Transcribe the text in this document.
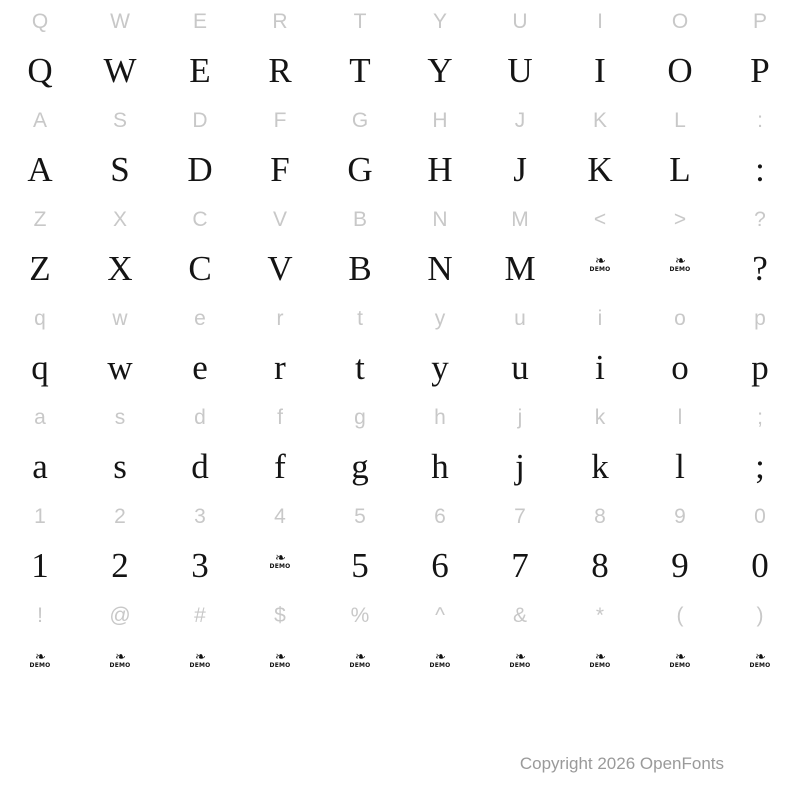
Q
Q
W
W
E
E
R
R
T
T
Y
Y
U
U
I
I
O
O
P
P
A
A
S
S
D
D
F
F
G
G
H
H
J
J
K
K
L
L
:
:
Z
Z
X
X
C
C
V
V
B
B
N
N
M
M
<
❧
DEMO
>
❧
DEMO
?
?
q
q
w
w
e
e
r
r
t
t
y
y
u
u
i
i
o
o
p
p
a
a
s
s
d
d
f
f
g
g
h
h
j
j
k
k
l
l
;
;
1
1
2
2
3
3
4
❧
DEMO
5
5
6
6
7
7
8
8
9
9
0
0
!
❧
DEMO
@
❧
DEMO
#
❧
DEMO
$
❧
DEMO
%
❧
DEMO
^
❧
DEMO
&
❧
DEMO
*
❧
DEMO
(
❧
DEMO
)
❧
DEMO
Copyright 2026 OpenFonts
